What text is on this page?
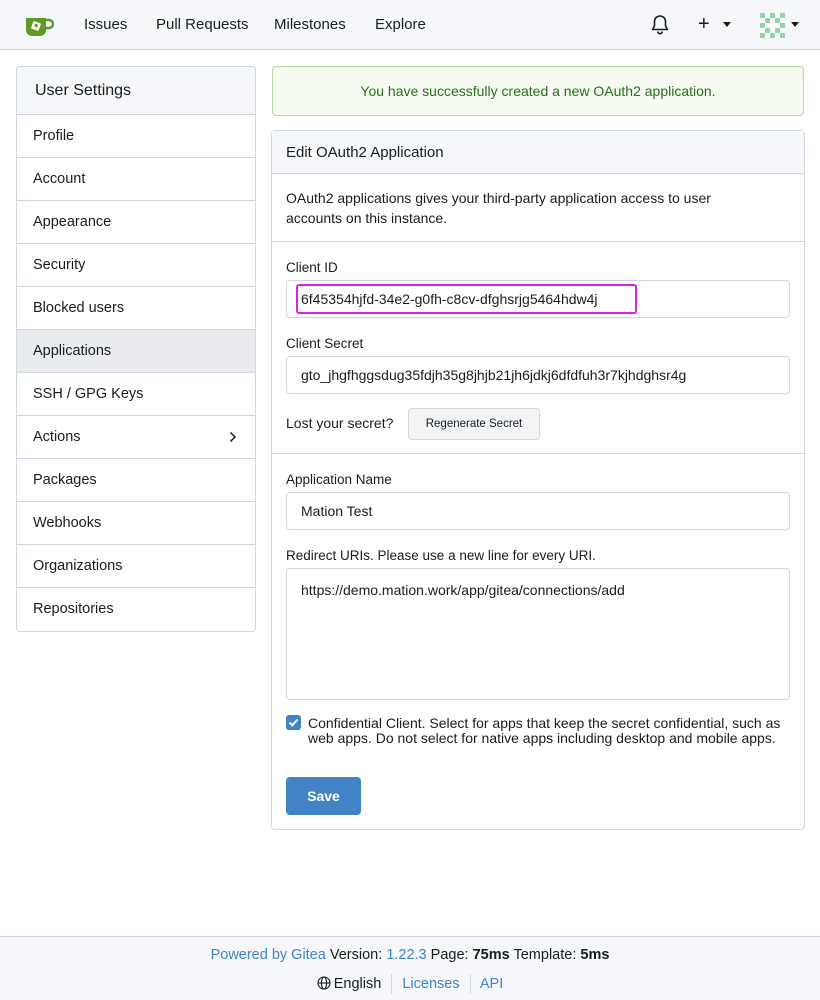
Issues Pull Requests Milestones Explore	+
User Settings
Profile
Account
Appearance
Security
Blocked users
Applications
SSH / GPG Keys
Actions
Packages
Webhooks
Organizations
Repositories
You have successfully created a new OAuth2 application.
Edit OAuth2 Application
OAuth2 applications gives your third-party application access to user accounts on this instance.
Client ID
6f45354hjfd-34e2-g0fh-c8cv-dfghsrjg5464hdw4j
Client Secret
gto_jhgfhggsdug35fdjh35g8jhjb21jh6jdkj6dfdfuh3r7kjhdghsr4g
Lost your secret?	Regenerate Secret
Application Name
Mation Test
Redirect URIs. Please use a new line for every URI.
https://demo.mation.work/app/gitea/connections/add
Confidential Client. Select for apps that keep the secret confidential, such as web apps. Do not select for native apps including desktop and mobile apps.
Save
Powered by Gitea Version: 1.22.3 Page: 75ms Template: 5ms
English Licenses API
